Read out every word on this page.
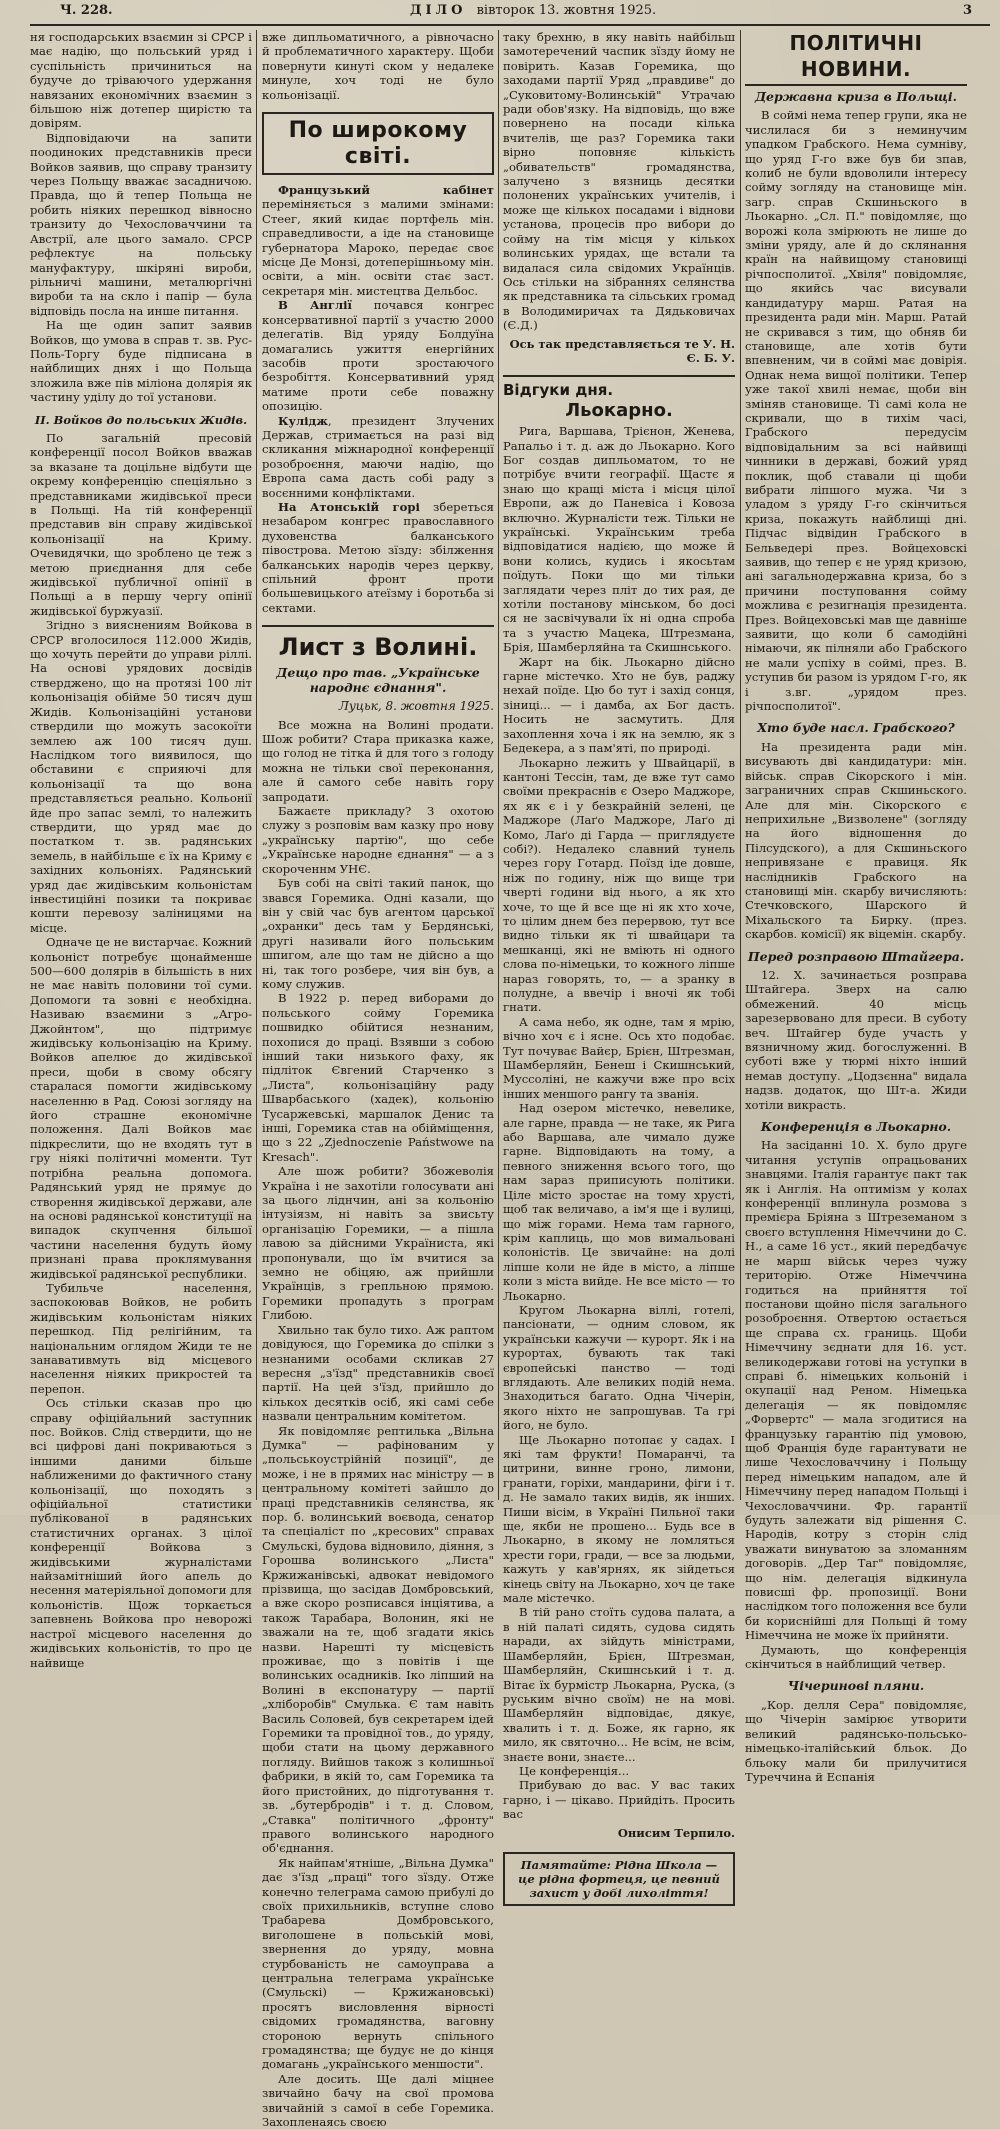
Ч. 228.	ДІЛО вівторок 13. жовтня 1925.	3

ня господарських взаємин зі СРСР і має надію, що польський уряд і суспільність причиниться на будуче до тріваючого удержання навязаних економічних взаємин з більшою ніж дотепер щирістю та довірям.

Відповідаючи на запити поодиноких представників преси Войков заявив, що справу транзиту через Польщу вважає засадничою. Правда, що й тепер Польща не робить ніяких перешкод вівносно транзиту до Чехословаччини та Австрії, але цього замало. СРСР рефлектує на польську мануфактуру, шкіряні вироби, рільничі машини, металюргічні вироби та на скло і папір — була відповідь посла на инше питання.

На ще один запит заявив Войков, що умова в справ т. зв. Рус-Поль-Торгу буде підписана в найблищих днях і що Польща зложила вже пів міліона долярія як частину уділу до тої установи.

II. Войков до польських Жидів.

По загальній пресовій конференції посол Войков вважав за вказане та доцільне відбути ще окрему конференцію спеціяльно з представниками жидівської преси в Польщі. На тій конференції представив він справу жидівської кольонізації на Криму. Очевидячки, що зроблено це теж з метою приєднання для себе жидівської публичної опінії в Польщі а в першу чергу опінії жидівської буржуазії.

Згідно з вияснениям Войкова в СРСР вголосилося 112.000 Жидів, що хочуть перейти до управи ріллі. На основі урядових досвідів стверджено, що на протязі 100 літ кольонізація обійме 50 тисяч душ Жидів. Кольонізаційні установи ствердили що можуть засокоїти землею аж 100 тисяч душ. Наслідком того виявилося, що обставини є сприяючі для кольонізації та що вона представляється реально. Кольонії йде про запас землі, то належить ствердити, що уряд має до постатком т. зв. радянських земель, в найбільше є їх на Криму є західних кольоніях. Радянський уряд дає жидівським кольоністам інвестиційні позики та покриває кошти перевозу заліницями на місце.

Одначе це не вистарчає. Кожний кольоніст потребує щонайменше 500—600 долярів в більшість в них не має навіть половини тої суми. Допомоги та зовні є необхідна. Називаю взаємини з „Агро-Джойнтом", що підтримує жидівську кольонізацію на Криму. Войков апелює до жидівської преси, щоби в свому обсягу старалася помогти жидівському населенню в Рад. Союзі зогляду на його страшне економічне положення. Далі Войков має підкреслити, що не входять тут в гру ніякі політичні моменти. Тут потрібна реальна допомога. Радянський уряд не прямує до створення жидівської держави, але на основі радянської конституції на випадок скупчення більшої частини населення будуть йому признані права проклямування жидівської радянської республики.

Тубильче населення, заспокоював Войков, не робить жидівським кольоністам ніяких перешкод. Під релігійним, та національним оглядом Жиди те не занавативмуть від місцевого населення ніяких прикростей та перепон.

Ось стільки сказав про цю справу офіційальний заступник пос. Войков. Слід ствердити, що не всі цифрові дані покриваються з іншими даними більше наближеними до фактичного стану кольонізації, що походять з офіційальної статистики публікованої в радянських статистичних органах. З цілої конференції Войкова з жидівськими журналістами найзамітніший його апель до несення матеріяльної допомоги для кольоністів. Щож торкається запевнень Войкова про неворожі настрої місцевого населення до жидівських кольоністів, то про це найвище

вже дипльоматичного, а рівночасно й проблематичного характеру. Щоби повернути кинуті ском у недалеке минуле, хоч тоді не було кольонізації.

По широкому світі.

Французький кабінет переміняється з малими змінами: Стеег, який кидає портфель мін. справедливости, а іде на становище губернатора Мароко, передає своє місце Де Монзі, дотеперішньому мін. освіти, а мін. освіти стає заст. секретаря мін. мистецтва Дельбос.

В Англії почався конгрес консервативної партії з участю 2000 делегатів. Від уряду Болдуїна домагались ужиття енергійних засобів проти зростаючого безробіття. Консервативний уряд матиме проти себе поважну опозицію.

Кулідж, президент Злучених Держав, стримається на разі від скликання міжнародної конференції розоброєння, маючи надію, що Европа сама дасть собі раду з восєнними конфліктами.

На Атонській горі збереться незабаром конгрес православного духовенства балканського півострова. Метою зїзду: збілження балканських народів через церкву, спільний фронт проти большевицького атеїзму і боротьба зі сектами.

Лист з Волині.
Дещо про тав. „Українське народнє єднання".
Луцьк, 8. жовтня 1925.

Все можна на Волині продати. Шож робити? Стара приказка каже, що голод не тітка й для того з голоду можна не тільки свої переконання, але й самого себе навіть гору запродати.

Бажаєте прикладу? З охотою служу з розповім вам казку про нову „українську партію", що себе „Українське народне єднання" — а з скороченнм УНЄ.

Був собі на світі такий панок, що звався Горемика. Одні казали, що він у свій час був агентом царської „охранки" десь там у Бердянські, другі називали його польським шпигом, але що там не дійсно а що ні, так того розбере, чия він був, а кому служив.

В 1922 р. перед виборами до польського сойму Горемика пошвидко обійтися незнаним, похопися до праці. Взявши з собою інший таки низького фаху, як підліток Євгений Старченко з „Листа", кольонізаційну раду Шварбаського (хадек), кольонію Тусаржевські, маршалок Денис та інші, Горемика став на обійміщення, що з 22 „Zjednoczenie Państwowe na Kresach".

Але шож робити? Збожеволія Україна і не захотіли голосувати ані за цього ліднчин, ані за кольонію інтузіязм, ні навіть за звисьту організацію Горемики, — а пішла лавою за дійсними Україниста, які пропонували, що їм вчитися за земно не обіцяю, аж прийшли Українців, з грепльною прямою. Горемики пропадуть з програм Глибою.

Хвильно так було тихо. Аж раптом довідуюся, що Горемика до спілки з незнаними особами скликав 27 вересня „з'їзд" представників своєї партії. На цей з'їзд, прийшло до кількох десятків осіб, які самі себе назвали центральним комітетом.

Як повідомляє рептилька „Вільна Думка" — рафінованим у „польськоустрійній позиції", де може, і не в прямих нас міністру — в центральному комітеті зайшло до праці представників селянства, як пор. б. волинський воєвода, сенатор та спеціаліст по „кресових" справах Смульскі, будова відновило, діяння, з Горошва волинського „Листа" Кржижанівські, адвокат невідомого прізвища, що засідав Домбровський, а вже скоро розписався інціятива, а також Тарабара, Волонин, які не зважали на те, щоб згадати якісь назви. Нарешті ту місцевість проживає, що з повітів і ще волинських осадників. Іко ліпший на Волині в експонатуру — партії „хліборобів" Смулька. Є там навіть Василь Соловей, був секретарем ідей Горемики та провідної тов., до уряду, щоби стати на цьому державного погляду. Вийшов також з колишньої фабрики, в якій то, сам Горемика та його пристойних, до підготування т. зв. „бутербродів" і т. д. Словом, „Ставка" політичного „фронту" правого волинського народного об'єднання.

Як найпам'ятніше, „Вільна Думка" дає з'їзд „праці" того зїзду. Отже конечно телеграма самою прибулі до своїх прихильників, вступне слово Трабарева Домбровського, виголошене в польській мові, звернення до уряду, мовна стурбованість не самоуправа а центральна телеграма українське (Смульскі) — Кржижановські) просятъ висловлення вірності свідомих громадянства, ваговну стороною вернуть спільного громадянства; ще будує не до кінця домагань „українського меншости".

Але досить. Ще далі міцнее звичайно бачу на свої промова звичайній з самої в себе Горемика. Захопленаясь своєю

таку брехню, в яку навіть найбільш замотеречений часпик зїзду йому не повірить. Казав Горемика, що заходами партії Уряд „правдиве" до „Суковитому-Волинській" Утрачаю ради обов'язку. На відповідь, що вже повернено на посади кілька вчителів, ще раз? Горемика таки вірно поповняє кількість „обивательств" громадянства, залучено з вязниць десятки полонених українських учителів, і може ще кількох посадами і віднови установа, процесів про вибори до сойму на тім місця у кількох волинських урядах, ще встали та видалася сила свідомих Українців. Ось стільки на зібраннях селянства як представника та сільських громад в Володимиричах та Дядьковичах (Є.Д.)

Ось так представляється те У. Н. Є. Б. У.
Відгуки дня.
Льокарно.

Рига, Варшава, Трієнон, Женева, Рапальо і т. д. аж до Льокарно. Кого Бог создав дипльоматом, то не потрібує вчити географії. Щастє я знаю що кращі міста і місця цілої Европи, аж до Паневіса і Ковоза включно. Журналісти теж. Тільки не українські. Українським треба відповідатися надією, що може й вони колись, кудись і якосьтам поїдуть. Поки що ми тільки заглядати через пліт до тих рая, де хотіли постанову мінськом, бо досі ся не засвічували їх ні одна спроба та з участю Мацека, Штрезмана, Брія, Шамберляйна та Скишнського.

Жарт на бік. Льокарно дійсно гарне містечко. Хто не був, раджу нехай поїде. Цю бо тут і захід сонця, зіниці... — і дамба, ах Бог дасть. Носить не засмутить. Для захоплення хоча і як на землю, як з Бедекера, а з пам'яті, по природі.

Льокарно лежить у Швайцарії, в кантоні Тессін, там, де вже тут само своїми прекраснів є Озеро Маджоре, ях як є і у безкрайній зелені, це Маджоре (Лаґо Маджоре, Лаґо ді Комо, Лаґо ді Гарда — приглядуєте собі?). Недалеко славний тунель через гору Готард. Поїзд іде довше, ніж по годину, ніж що вище три чверті години від нього, а як хто хоче, то ще й все ще ні як хто хоче, то цілим днем без перервою, тут все видно тільки як ті швайцари та мешканці, які не вміють ні одного слова по-німецьки, то кожного ліпше нараз говорять, то, — а зранку в полудне, а ввечір і вночі як тобі гнати.

А сама небо, як одне, там я мрію, вічно хоч є і ясне. Ось хто подобає. Тут почуває Вайєр, Брієн, Штрезман, Шамберляйн, Бенеш і Скишнський, Муссоліні, не кажучи вже про всіх інших меншого рангу та званія.

Над озером містечко, невелике, але гарне, правда — не таке, як Рига або Варшава, але чимало дуже гарне. Відповідають на тому, а певного зниження всього того, що нам зараз приписують політики. Ціле місто зростає на тому хрусті, щоб так величаво, а ім'я ще і вулиці, що між горами. Нема там гарного, крім каплиць, що мов вимальовані колоністів. Це звичайне: на долі ліпше коли не йде в місто, а ліпше коли з міста вийде. Не все місто — то Льокарно.

Кругом Льокарна віллі, готелі, пансіонати, — одним словом, як українськи кажучи — курорт. Як і на курортах, бувають так такі європейські панство — тоді вглядають. Але великих подій нема. Знаходиться багато. Одна Чічерін, якого ніхто не запрошував. Та грі його, не було.

Ще Льокарно потопає у садах. І які там фрукти! Помаранчі, та цитрини, винне гроно, лимони, гранати, горіхи, мандарини, фіги і т. д. Не замало таких видів, як інших. Пиши вісім, в Україні Пильної таки ще, якби не прошено... Будь все в Льокарно, в якому не ломляться хрести гори, гради, — все за людьми, кажуть у кав'ярнях, як зійдеться кінець світу на Льокарно, хоч це таке мале містечко.

В тій рано стоїть судова палата, а в ній палаті сидять, судова сидять наради, ах зійдуть міністрами, Шамберляйн, Брієн, Штрезман, Шамберляйн, Скишнський і т. д. Вітає їх бурмістр Льокарна, Руска, (з руським вічно своїм) не на мові. Шамберляйн відповідає, дякує, хвалить і т. д. Боже, як гарно, як мило, як святочно... Не всім, не всім, знаєте вони, знаєте...

Це конференція...

Прибуваю до вас. У вас таких гарно, і — цікаво. Прийдіть. Просить вас

Онисим Терпило.
Памятайте: Рідна Школа — це рідна фортеця, це певний захист у добі лихоліття!
ПОЛІТИЧНІ НОВИНИ.
Державна криза в Польщі.

В соймі нема тепер групи, яка не числилася би з неминучим упадком Грабского. Нема сумніву, що уряд Г-го вже був би зпав, колиб не були вдоволили інтересу сойму зогляду на становище мін. загр. справ Скшиньского в Льокарно. „Сл. П." повідомляє, що ворожі кола змірюють не лише до зміни уряду, але й до склянання країн на найвищому становищі річпосполитої. „Хвіля" повідомляє, що якийсь час висували кандидатуру марш. Ратая на президента ради мін. Марш. Ратай не скривався з тим, що обняв би становище, але хотів бути впевненим, чи в соймі має довірія. Однак нема вищої політики. Тепер уже такої хвилі немає, щоби він зміняв становище. Ті самі кола не скривали, що в тихім часі, Грабского передусім відповідальним за всі найвищі чинники в державі, божий уряд поклик, щоб ставали ці щоби вибрати ліпшого мужа. Чи з уладом з уряду Г-го скінчиться криза, покажуть найблищі дні. Підчас відвідин Грабского в Бельведері през. Войцеховскі заявив, що тепер є не уряд кризою, ані загальнодержавна криза, бо з причини поступовання сойму можлива є резигнація президента. През. Войцеховські мав ще давніше заявити, що коли б самодійні німаючи, як пілняли або Грабского не мали успіху в соймі, през. В. уступив би разом із урядом Г-го, як і з.вг. „урядом през. річпосполитої".

Хто буде насл. Грабского?

На президента ради мін. висувають дві кандидатури: мін. військ. справ Сікорского і мін. заграничних справ Скшиньского. Але для мін. Сікорского є неприхильне „Визволене" (зогляду на його відношення до Пілсудского), а для Скшиньского непривязане є правиця. Як наслідників Грабского на становищі мін. скарбу вичисляють: Стечковского, Шарского й Міхальского та Бирку. (през. скарбов. комісії) як віцемін. скарбу.

Перед розправою Штайгера.

12. X. зачинається розправа Штайгера. Зверх на салю обмежений. 40 місць зарезервовано для преси. В суботу веч. Штайгер буде участь у вязничному жид. богослуженні. В суботі вже у тюрмі ніхто інший немав доступу. „Цодзєнна" видала надзв. додаток, що Шт-а. Жиди хотіли викрасть.

Конференція в Льокарно.

На засіданні 10. X. було друге читання уступів опрацьованих знавцями. Італія гарантує пакт так як і Англія. На оптимізм у колах конференції вплинула розмова з премієра Бріяна з Штреземаном з своєго вступлення Німеччини до С. Н., а саме 16 уст., який передбачує не марш військ через чужу територію. Отже Німеччина годиться на прийняття тої постанови щойно після загального розоброєння. Отвертою остається ще справа сх. границь. Щоби Німеччину зєднати для 16. уст. великодержави готові на уступки в справі б. німецьких кольоній і окупації над Реном. Німецька делегація — як повідомляє „Форвертс" — мала згодитися на французьку гарантію під умовою, щоб Франція буде гарантувати не лише Чехословаччину і Польщу перед німецьким нападом, але й Німеччину перед нападом Польщі і Чехословаччини. Фр. гарантії будуть залежати від рішення С. Народів, котру з сторін слід уважати винуватою за зломанням договорів. „Дер Таг" повідомляє, що нім. делегація відкинула повисші фр. пропозиції. Вони наслідком того положення все були би кориснійші для Польщі й тому Німеччина не може їх прийняти.

Думають, що конференція скінчиться в найблищий четвер.

Чічеринові пляни.

„Кор. делля Сера" повідомляє, що Чічерін замірює утворити великий радянсько-польсько-німецько-італійський бльок. До бльоку мали би прилучитися Туреччина й Еспанія
